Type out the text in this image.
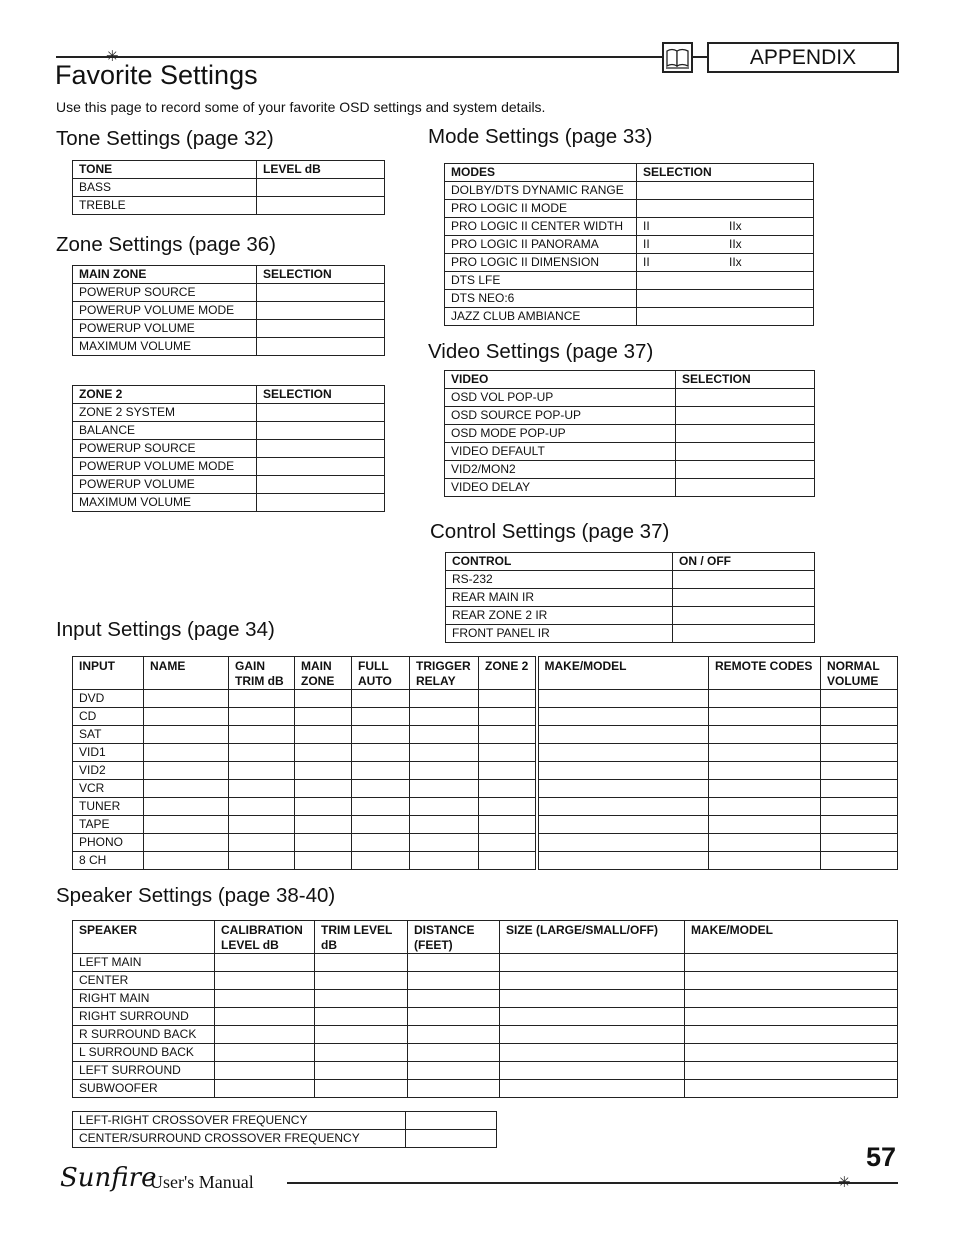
✳	APPENDIX
Favorite Settings
Use this page to record some of your favorite OSD settings and system details.
Tone Settings (page 32)
TONE	LEVEL dB
BASS	
TREBLE	
Mode Settings (page 33)
MODES	SELECTION
DOLBY/DTS DYNAMIC RANGE	
PRO LOGIC II MODE	
PRO LOGIC II CENTER WIDTH	II IIx
PRO LOGIC II PANORAMA	II IIx
PRO LOGIC II DIMENSION	II IIx
DTS LFE	
DTS NEO:6	
JAZZ CLUB AMBIANCE	
Zone Settings (page 36)
MAIN ZONE	SELECTION
POWERUP SOURCE	
POWERUP VOLUME MODE	
POWERUP VOLUME	
MAXIMUM VOLUME	
ZONE 2	SELECTION
ZONE 2 SYSTEM	
BALANCE	
POWERUP SOURCE	
POWERUP VOLUME MODE	
POWERUP VOLUME	
MAXIMUM VOLUME	
Video Settings (page 37)
VIDEO	SELECTION
OSD VOL POP-UP	
OSD SOURCE POP-UP	
OSD MODE POP-UP	
VIDEO DEFAULT	
VID2/MON2	
VIDEO DELAY	
Control Settings (page 37)
CONTROL	ON / OFF
RS-232	
REAR MAIN IR	
REAR ZONE 2 IR	
FRONT PANEL IR	
Input Settings (page 34)
INPUT	NAME	GAIN TRIM dB	MAIN ZONE	FULL AUTO	TRIGGER RELAY	ZONE 2	MAKE/MODEL	REMOTE CODES	NORMAL VOLUME
DVD									
CD									
SAT									
VID1									
VID2									
VCR									
TUNER									
TAPE									
PHONO									
8 CH									
Speaker Settings (page 38-40)
SPEAKER	CALIBRATION LEVEL dB	TRIM LEVEL dB	DISTANCE (FEET)	SIZE (LARGE/SMALL/OFF)	MAKE/MODEL
LEFT MAIN					
CENTER					
RIGHT MAIN					
RIGHT SURROUND					
R SURROUND BACK					
L SURROUND BACK					
LEFT SURROUND					
SUBWOOFER					
LEFT-RIGHT CROSSOVER FREQUENCY	
CENTER/SURROUND CROSSOVER FREQUENCY	
57
Sunfire
User's Manual	✳
